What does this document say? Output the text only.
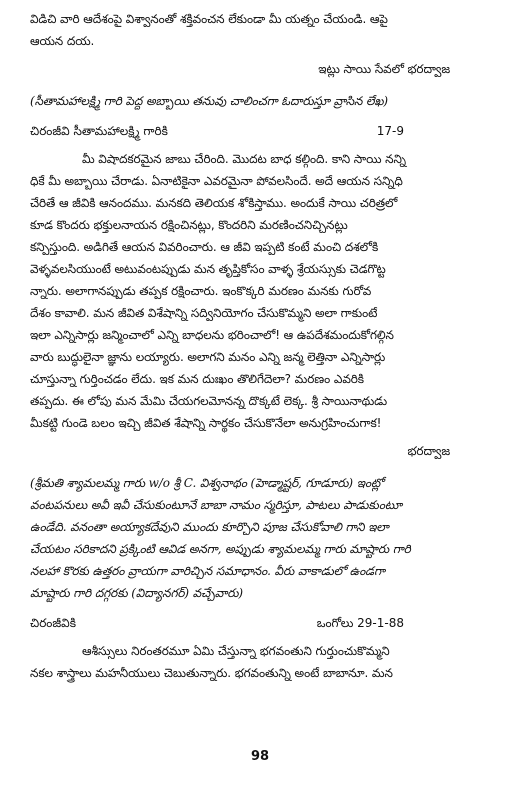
విడిచి వారి ఆదేశంపై విశ్వానంతో శక్తివంచన లేకుండా మీ యత్నం చేయండి. ఆపై
ఆయన దయ.
ఇట్లు సాయి సేవలో భరద్వాజ
(సీతామహాలక్ష్మి గారి పెద్ద అబ్బాయి తనువు చాలించగా ఓదారుస్తూ వ్రాసిన లేఖ)
చిరంజీవి సీతామహాలక్ష్మి గారికి	17-9
మీ విషాదకరమైన జాబు చేరింది. మొదట బాధ కల్గింది. కాని సాయి నన్ని
ధికే మీ అబ్బాయి చేరాడు. ఏనాటికైనా ఎవరమైనా పోవలసిందే. అదే ఆయన సన్నిధి
చేరితే ఆ జీవికి ఆనందము. మనకది తెలియక శోకిస్తాము. అందుకే సాయి చరిత్రలో
కూడ కొందరు భక్తులనాయన రక్షించినట్లు, కొందరిని మరణించనిచ్చినట్లు
కన్పిస్తుంది. అడిగితే ఆయన వివరించారు. ఆ జీవి ఇప్పటి కంటే మంచి దశలోకి
వెళ్ళవలసియుంటే అటువంటప్పుడు మన తృప్తికోసం వాళ్ళ శ్రేయస్సుకు చెడగొట్ట
న్నారు. అలాగానప్పుడు తప్పక రక్షించారు. ఇంకొక్కరి మరణం మనకు గురోవ
దేశం కావాలి. మన జీవిత విశేషాన్ని సద్వినియోగం చేసుకొమ్మని అలా గాకుంటే
ఇలా ఎన్నిసార్లు జన్మించాలో ఎన్ని బాధలను భరించాలో! ఆ ఉపదేశమందుకోగల్గిన
వారు బుద్ధులైనా జ్ఞాను లయ్యారు. అలాగని మనం ఎన్ని జన్మ లెత్తినా ఎన్నిసార్లు
చూస్తున్నా గుర్తించడం లేదు. ఇక మన దుఃఖం తొలిగేదెలా? మరణం ఎవరికి
తప్పదు. ఈ లోపు మన మేమి చేయగలమోనన్న దొక్కటే లెక్క. శ్రీ సాయినాథుడు
మీకట్టి గుండె బలం ఇచ్చి జీవిత శేషాన్ని సార్థకం చేసుకొనేలా అనుగ్రహించుగాక!
భరద్వాజ
(శ్రీమతి శ్యామలమ్మ గారు w/o శ్రీ C. విశ్వనాథం (హెడ్మాష్టర్, గూడూరు) ఇంట్లో
వంటపనులు అవీ ఇవీ చేసుకుంటూనే బాబా నామం స్మరిస్తూ, పాటలు పాడుకుంటూ
ఉండేది. వనంతా అయ్యాకదేవుని ముందు కూర్చొని పూజ చేసుకోవాలి గాని ఇలా
చేయటం సరికాదని ప్రక్కింటి ఆవిడ అనగా, అప్పుడు శ్యామలమ్మ గారు మాష్టారు గారి
నలహా కొరకు ఉత్తరం వ్రాయగా వారిచ్చిన సమాధానం. వీరు వాకాడులో ఉండగా
మాష్టారు గారి దగ్గరకు (విద్యానగర్) వచ్చేవారు)
చిరంజీవికి	ఒంగోలు 29-1-88
ఆశీస్సులు నిరంతరమూ ఏమి చేస్తున్నా భగవంతుని గుర్తుంచుకొమ్మని
నకల శాస్త్రాలు మహనీయులు చెబుతున్నారు. భగవంతున్ని అంటే బాబానూ. మన
98
